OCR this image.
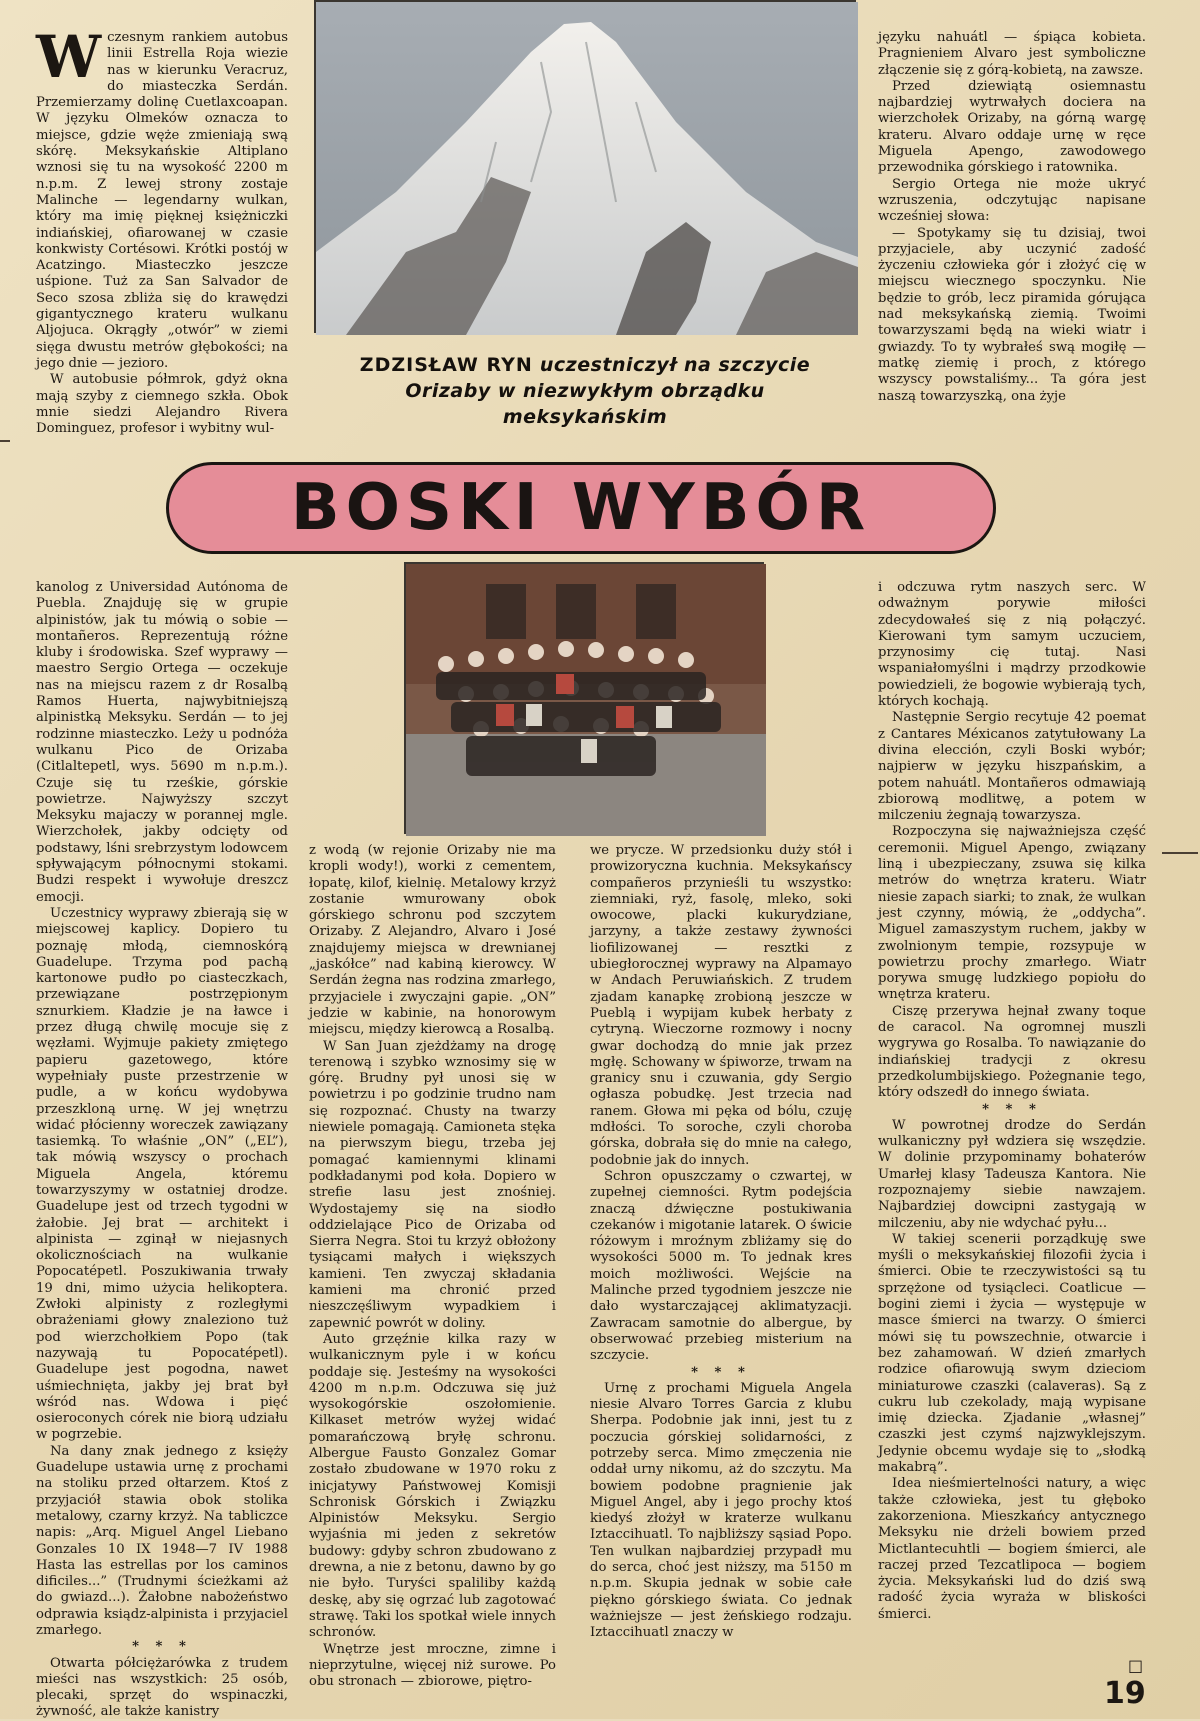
Wczesnym rankiem autobus linii Estrella Roja wiezie nas w kierunku Veracruz, do miasteczka Serdán. Przemierzamy dolinę Cuetlaxcoapan. W języku Olmeków oznacza to miejsce, gdzie węże zmieniają swą skórę. Meksykańskie Altiplano wznosi się tu na wysokość 2200 m n.p.m. Z lewej strony zostaje Malinche — legendarny wulkan, który ma imię pięknej księżniczki indiańskiej, ofiarowanej w czasie konkwisty Cortésowi. Krótki postój w Acatzingo. Miasteczko jeszcze uśpione. Tuż za San Salvador de Seco szosa zbliża się do krawędzi gigantycznego krateru wulkanu Aljojuca. Okrągły „otwór” w ziemi sięga dwustu metrów głębokości; na jego dnie — jezioro.

W autobusie półmrok, gdyż okna mają szyby z ciemnego szkła. Obok mnie siedzi Alejandro Rivera Dominguez, profesor i wybitny wul-

języku nahuátl — śpiąca kobieta. Pragnieniem Alvaro jest symboliczne złączenie się z górą-kobietą, na zawsze.

Przed dziewiątą osiemnastu najbardziej wytrwałych dociera na wierzchołek Orizaby, na górną wargę krateru. Alvaro oddaje urnę w ręce Miguela Apengo, zawodowego przewodnika górskiego i ratownika.

Sergio Ortega nie może ukryć wzruszenia, odczytując napisane wcześniej słowa:

— Spotykamy się tu dzisiaj, twoi przyjaciele, aby uczynić zadość życzeniu człowieka gór i złożyć cię w miejscu wiecznego spoczynku. Nie będzie to grób, lecz piramida górująca nad meksykańską ziemią. Twoimi towarzyszami będą na wieki wiatr i gwiazdy. To ty wybrałeś swą mogiłę — matkę ziemię i proch, z którego wszyscy powstaliśmy... Ta góra jest naszą towarzyszką, ona żyje

ZDZISŁAW RYN uczestniczył na szczycie Orizaby w niezwykłym obrządku meksykańskim
BOSKI WYBÓR

kanolog z Universidad Autónoma de Puebla. Znajduję się w grupie alpinistów, jak tu mówią o sobie — montañeros. Reprezentują różne kluby i środowiska. Szef wyprawy — maestro Sergio Ortega — oczekuje nas na miejscu razem z dr Rosalbą Ramos Huerta, najwybitniejszą alpinistką Meksyku. Serdán — to jej rodzinne miasteczko. Leży u podnóża wulkanu Pico de Orizaba (Citlaltepetl, wys. 5690 m n.p.m.). Czuje się tu rześkie, górskie powietrze. Najwyższy szczyt Meksyku majaczy w porannej mgle. Wierzchołek, jakby odcięty od podstawy, lśni srebrzystym lodowcem spływającym północnymi stokami. Budzi respekt i wywołuje dreszcz emocji.

Uczestnicy wyprawy zbierają się w miejscowej kaplicy. Dopiero tu poznaję młodą, ciemnoskórą Guadelupe. Trzyma pod pachą kartonowe pudło po ciasteczkach, przewiązane postrzępionym sznurkiem. Kładzie je na ławce i przez długą chwilę mocuje się z węzłami. Wyjmuje pakiety zmiętego papieru gazetowego, które wypełniały puste przestrzenie w pudle, a w końcu wydobywa przeszkloną urnę. W jej wnętrzu widać płócienny woreczek zawiązany tasiemką. To właśnie „ON” („EL”), tak mówią wszyscy o prochach Miguela Angela, któremu towarzyszymy w ostatniej drodze. Guadelupe jest od trzech tygodni w żałobie. Jej brat — architekt i alpinista — zginął w niejasnych okolicznościach na wulkanie Popocatépetl. Poszukiwania trwały 19 dni, mimo użycia helikoptera. Zwłoki alpinisty z rozległymi obrażeniami głowy znaleziono tuż pod wierzchołkiem Popo (tak nazywają tu Popocatépetl). Guadelupe jest pogodna, nawet uśmiechnięta, jakby jej brat był wśród nas. Wdowa i pięć osieroconych córek nie biorą udziału w pogrzebie.

Na dany znak jednego z księży Guadelupe ustawia urnę z prochami na stoliku przed ołtarzem. Ktoś z przyjaciół stawia obok stolika metalowy, czarny krzyż. Na tabliczce napis: „Arq. Miguel Angel Liebano Gonzales 10 IX 1948—7 IV 1988 Hasta las estrellas por los caminos dificiles...” (Trudnymi ścieżkami aż do gwiazd...). Żałobne nabożeństwo odprawia ksiądz-alpinista i przyjaciel zmarłego.

* * *

Otwarta półciężarówka z trudem mieści nas wszystkich: 25 osób, plecaki, sprzęt do wspinaczki, żywność, ale także kanistry

z wodą (w rejonie Orizaby nie ma kropli wody!), worki z cementem, łopatę, kilof, kielnię. Metalowy krzyż zostanie wmurowany obok górskiego schronu pod szczytem Orizaby. Z Alejandro, Alvaro i José znajdujemy miejsca w drewnianej „jaskółce” nad kabiną kierowcy. W Serdán żegna nas rodzina zmarłego, przyjaciele i zwyczajni gapie. „ON” jedzie w kabinie, na honorowym miejscu, między kierowcą a Rosalbą.

W San Juan zjeżdżamy na drogę terenową i szybko wznosimy się w górę. Brudny pył unosi się w powietrzu i po godzinie trudno nam się rozpoznać. Chusty na twarzy niewiele pomagają. Camioneta stęka na pierwszym biegu, trzeba jej pomagać kamiennymi klinami podkładanymi pod koła. Dopiero w strefie lasu jest znośniej. Wydostajemy się na siodło oddzielające Pico de Orizaba od Sierra Negra. Stoi tu krzyż obłożony tysiącami małych i większych kamieni. Ten zwyczaj składania kamieni ma chronić przed nieszczęśliwym wypadkiem i zapewnić powrót w doliny.

Auto grzęźnie kilka razy w wulkanicznym pyle i w końcu poddaje się. Jesteśmy na wysokości 4200 m n.p.m. Odczuwa się już wysokogórskie oszołomienie. Kilkaset metrów wyżej widać pomarańczową bryłę schronu. Albergue Fausto Gonzalez Gomar zostało zbudowane w 1970 roku z inicjatywy Państwowej Komisji Schronisk Górskich i Związku Alpinistów Meksyku. Sergio wyjaśnia mi jeden z sekretów budowy: gdyby schron zbudowano z drewna, a nie z betonu, dawno by go nie było. Turyści spaliliby każdą deskę, aby się ogrzać lub zagotować strawę. Taki los spotkał wiele innych schronów.

Wnętrze jest mroczne, zimne i nieprzytulne, więcej niż surowe. Po obu stronach — zbiorowe, piętro-

we prycze. W przedsionku duży stół i prowizoryczna kuchnia. Meksykańscy compañeros przynieśli tu wszystko: ziemniaki, ryż, fasolę, mleko, soki owocowe, placki kukurydziane, jarzyny, a także zestawy żywności liofilizowanej — resztki z ubiegłorocznej wyprawy na Alpamayo w Andach Peruwiańskich. Z trudem zjadam kanapkę zrobioną jeszcze w Pueblą i wypijam kubek herbaty z cytryną. Wieczorne rozmowy i nocny gwar dochodzą do mnie jak przez mgłę. Schowany w śpiworze, trwam na granicy snu i czuwania, gdy Sergio ogłasza pobudkę. Jest trzecia nad ranem. Głowa mi pęka od bólu, czuję mdłości. To soroche, czyli choroba górska, dobrała się do mnie na całego, podobnie jak do innych.

Schron opuszczamy o czwartej, w zupełnej ciemności. Rytm podejścia znaczą dźwięczne postukiwania czekanów i migotanie latarek. O świcie różowym i mroźnym zbliżamy się do wysokości 5000 m. To jednak kres moich możliwości. Wejście na Malinche przed tygodniem jeszcze nie dało wystarczającej aklimatyzacji. Zawracam samotnie do albergue, by obserwować przebieg misterium na szczycie.

* * *

Urnę z prochami Miguela Angela niesie Alvaro Torres Garcia z klubu Sherpa. Podobnie jak inni, jest tu z poczucia górskiej solidarności, z potrzeby serca. Mimo zmęczenia nie oddał urny nikomu, aż do szczytu. Ma bowiem podobne pragnienie jak Miguel Angel, aby i jego prochy ktoś kiedyś złożył w kraterze wulkanu Iztaccihuatl. To najbliższy sąsiad Popo. Ten wulkan najbardziej przypadł mu do serca, choć jest niższy, ma 5150 m n.p.m. Skupia jednak w sobie całe piękno górskiego świata. Co jednak ważniejsze — jest żeńskiego rodzaju. Iztaccihuatl znaczy w

i odczuwa rytm naszych serc. W odważnym porywie miłości zdecydowałeś się z nią połączyć. Kierowani tym samym uczuciem, przynosimy cię tutaj. Nasi wspaniałomyślni i mądrzy przodkowie powiedzieli, że bogowie wybierają tych, których kochają.

Następnie Sergio recytuje 42 poemat z Cantares Méxicanos zatytułowany La divina elección, czyli Boski wybór; najpierw w języku hiszpańskim, a potem nahuátl. Montañeros odmawiają zbiorową modlitwę, a potem w milczeniu żegnają towarzysza.

Rozpoczyna się najważniejsza część ceremonii. Miguel Apengo, związany liną i ubezpieczany, zsuwa się kilka metrów do wnętrza krateru. Wiatr niesie zapach siarki; to znak, że wulkan jest czynny, mówią, że „oddycha”. Miguel zamaszystym ruchem, jakby w zwolnionym tempie, rozsypuje w powietrzu prochy zmarłego. Wiatr porywa smugę ludzkiego popiołu do wnętrza krateru.

Ciszę przerywa hejnał zwany toque de caracol. Na ogromnej muszli wygrywa go Rosalba. To nawiązanie do indiańskiej tradycji z okresu przedkolumbijskiego. Pożegnanie tego, który odszedł do innego świata.

* * *

W powrotnej drodze do Serdán wulkaniczny pył wdziera się wszędzie. W dolinie przypominamy bohaterów Umarłej klasy Tadeusza Kantora. Nie rozpoznajemy siebie nawzajem. Najbardziej dowcipni zastygają w milczeniu, aby nie wdychać pyłu...

W takiej scenerii porządkuję swe myśli o meksykańskiej filozofii życia i śmierci. Obie te rzeczywistości są tu sprzężone od tysiącleci. Coatlicue — bogini ziemi i życia — występuje w masce śmierci na twarzy. O śmierci mówi się tu powszechnie, otwarcie i bez zahamowań. W dzień zmarłych rodzice ofiarowują swym dzieciom miniaturowe czaszki (calaveras). Są z cukru lub czekolady, mają wypisane imię dziecka. Zjadanie „własnej” czaszki jest czymś najzwyklejszym. Jedynie obcemu wydaje się to „słodką makabrą”.

Idea nieśmiertelności natury, a więc także człowieka, jest tu głęboko zakorzeniona. Mieszkańcy antycznego Meksyku nie drżeli bowiem przed Mictlantecuhtli — bogiem śmierci, ale raczej przed Tezcatlipoca — bogiem życia. Meksykański lud do dziś swą radość życia wyraża w bliskości śmierci.

□
19
